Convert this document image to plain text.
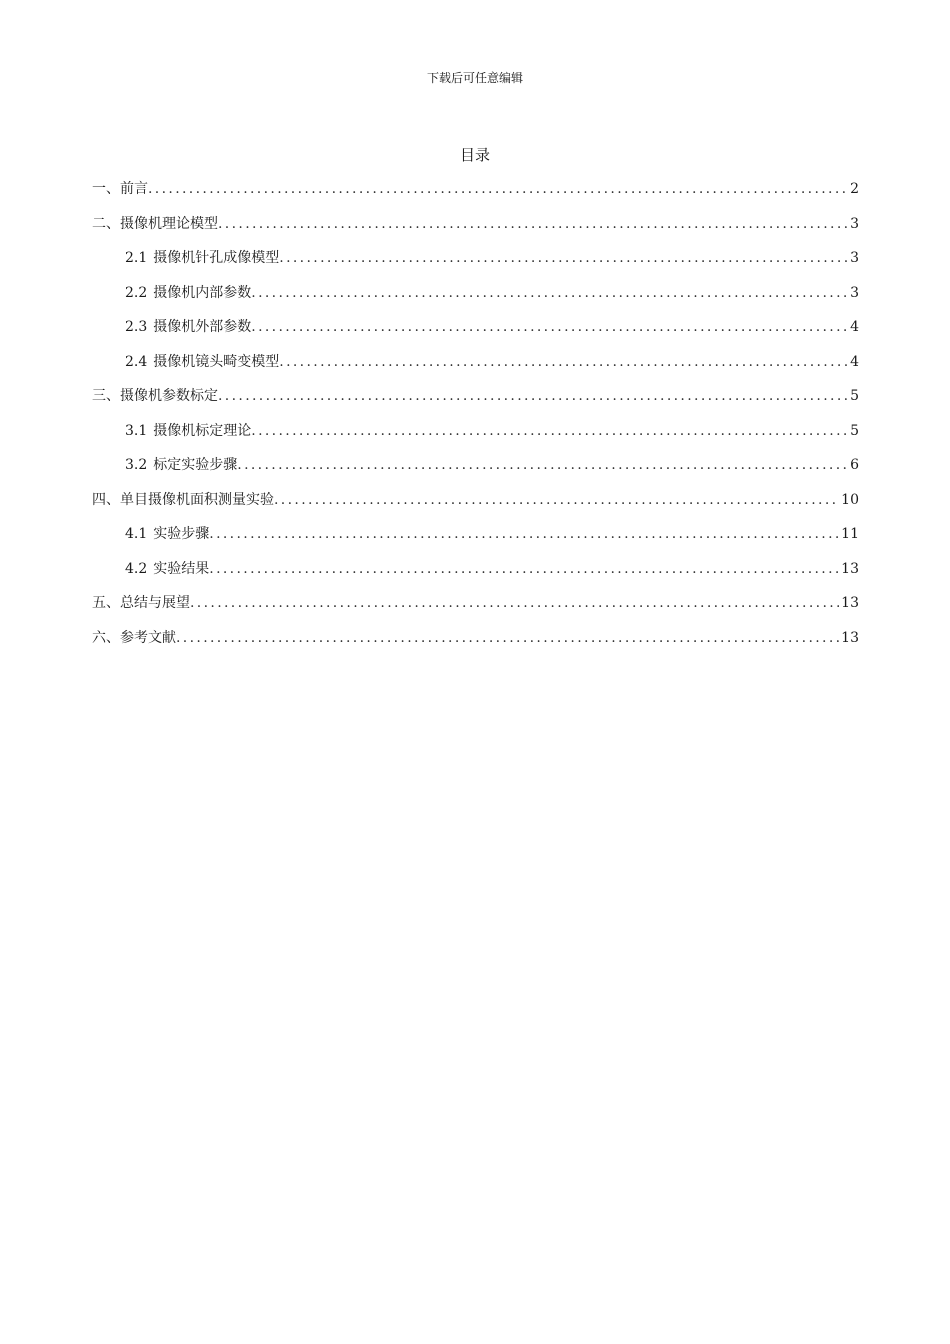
下载后可任意编辑
目录
一、前言 . . .	2
二、摄像机理论模型 . . .	3
2.1 摄像机针孔成像模型 . . .	3
2.2 摄像机内部参数 . . .	3
2.3 摄像机外部参数 . . .	4
2.4 摄像机镜头畸变模型 . . .	4
三、摄像机参数标定 . . .	5
3.1 摄像机标定理论 . . .	5
3.2 标定实验步骤 . . .	6
四、单目摄像机面积测量实验 . . .	10
4.1 实验步骤 . . .	11
4.2 实验结果 . . .	13
五、总结与展望 . . .	13
六、参考文献 . . .	13
